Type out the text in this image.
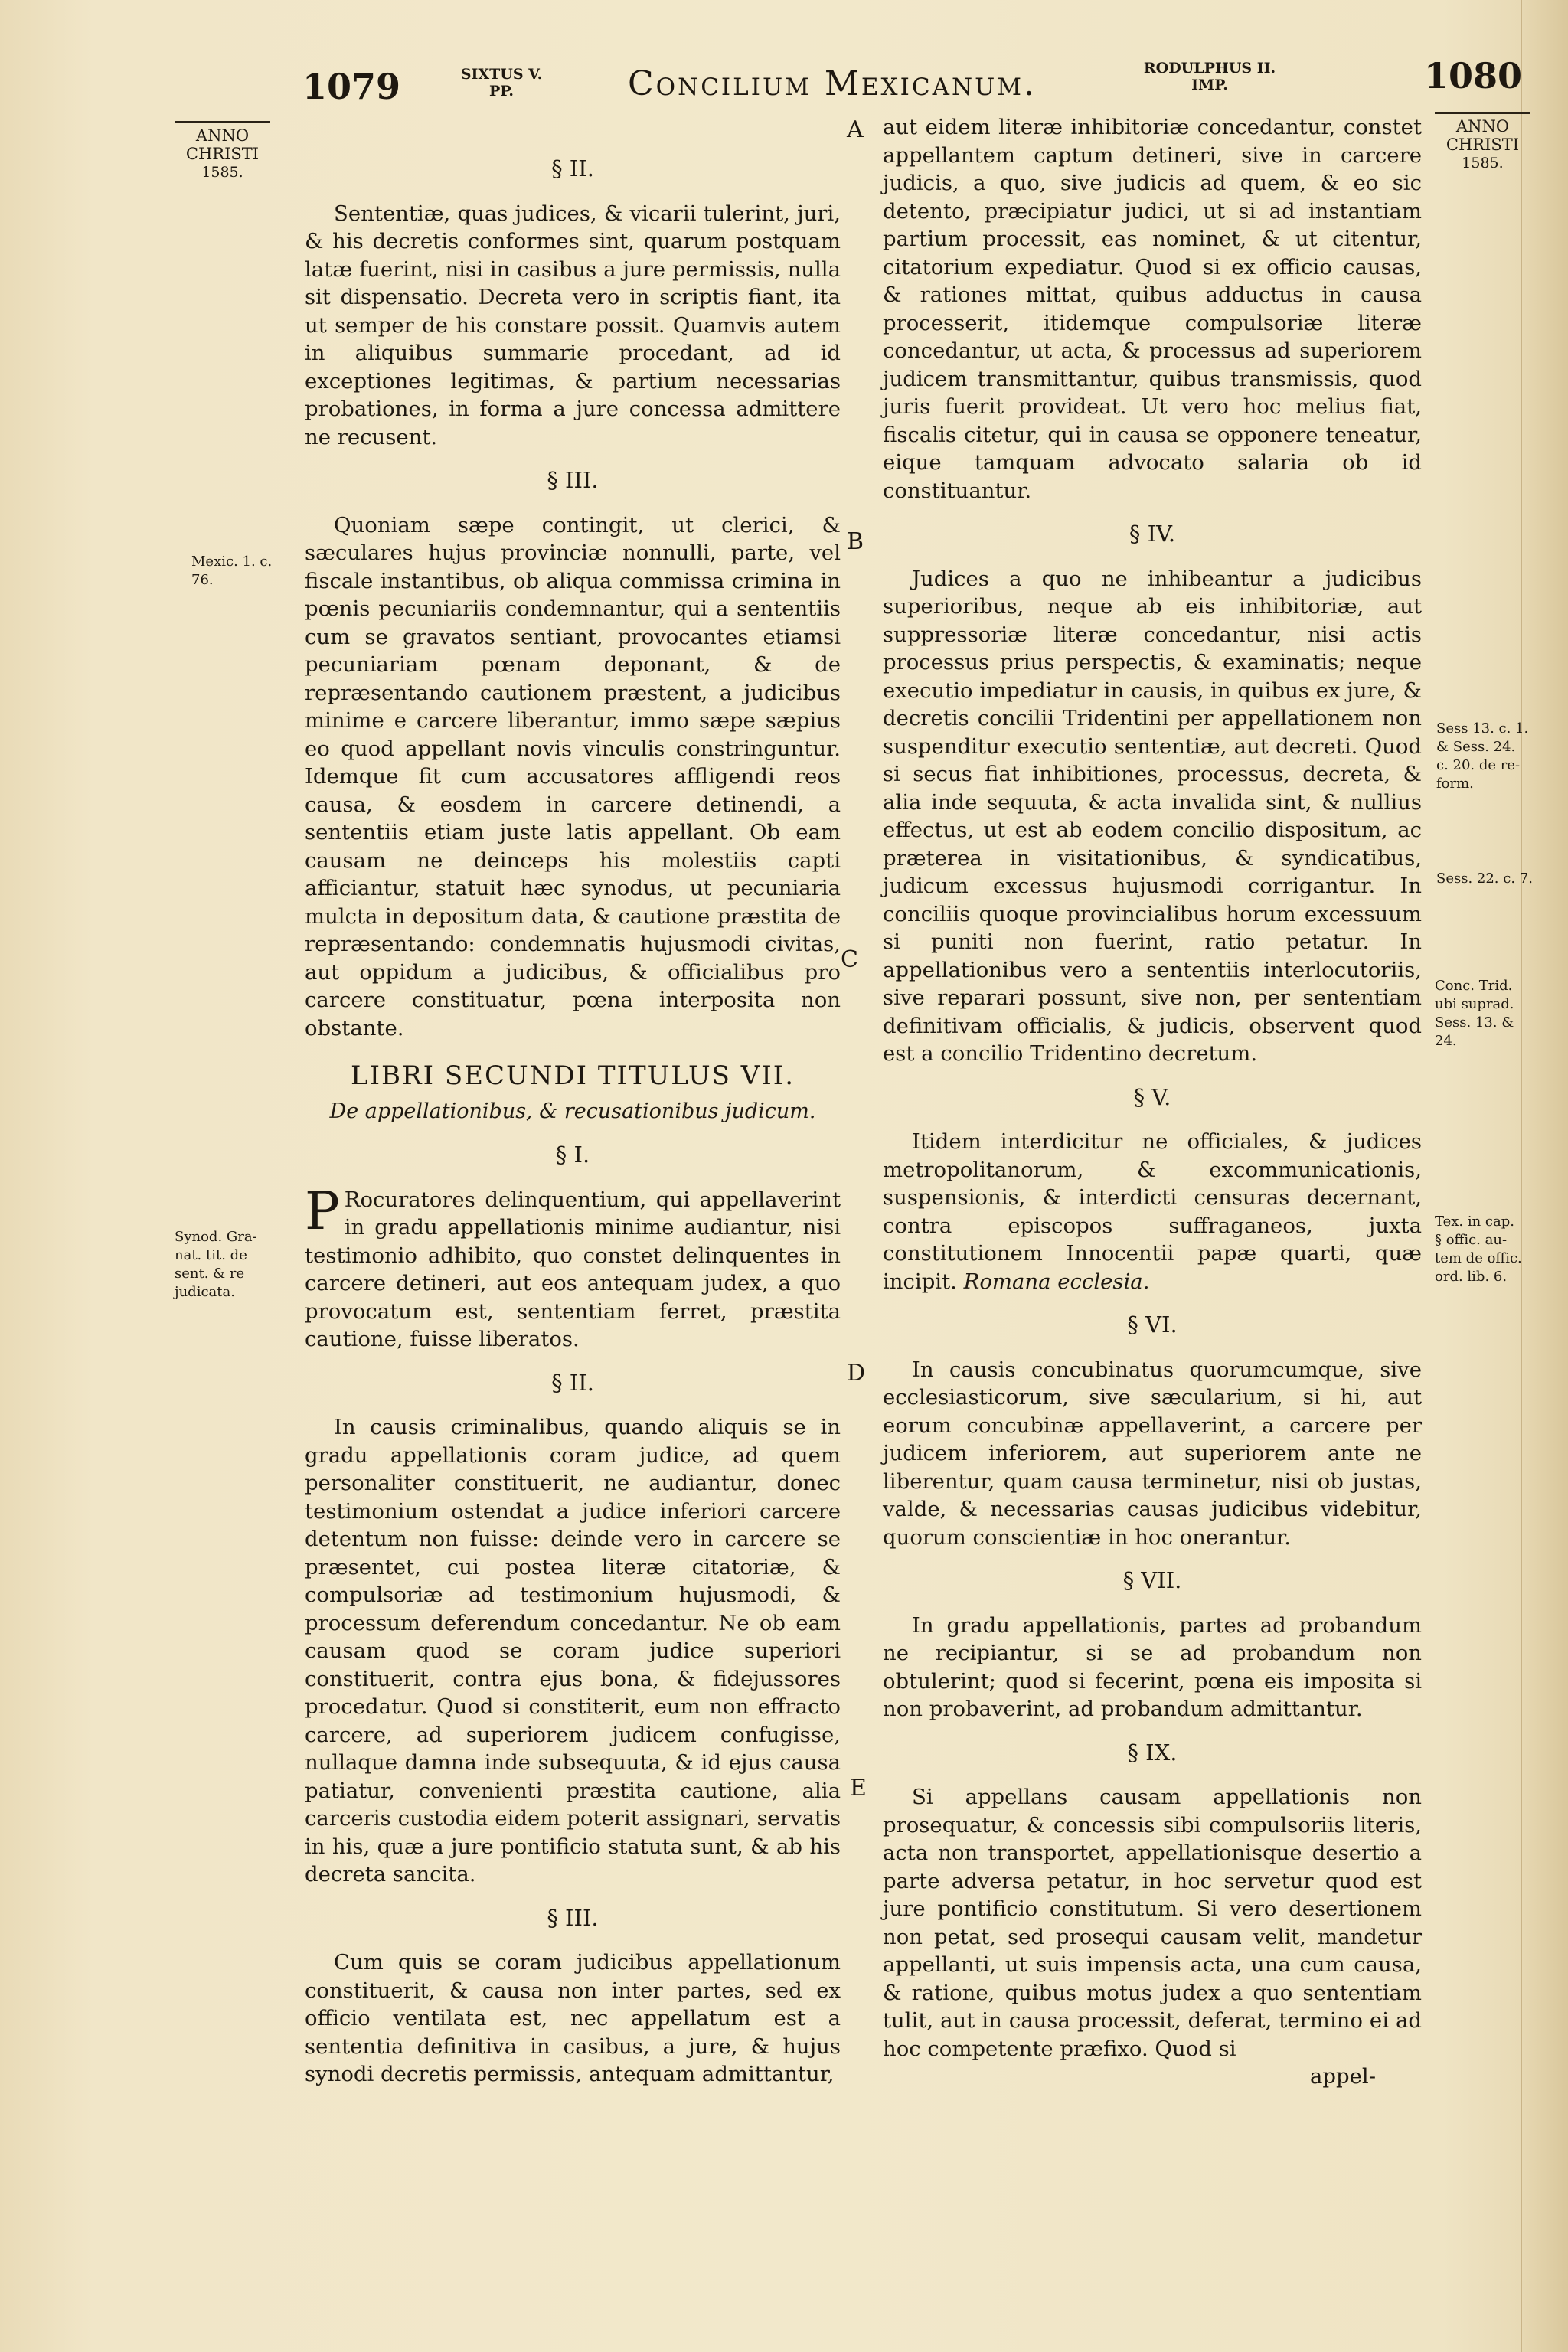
1079	SIXTUS V.
PP.	Concilium Mexicanum.	RODULPHUS II.
IMP.	1080
ANNO
CHRISTI
1585.
ANNO
CHRISTI
1585.
A
B
C
D
E
Mexic. 1. c.
76.
Synod. Gra-
nat. tit. de
sent. & re
judicata.
Sess 13. c. 1.
& Sess. 24.
c. 20. de re-
form.
Sess. 22. c. 7.
Conc. Trid.
ubi suprad.
Sess. 13. &
24.
Tex. in cap.
§ offic. au-
tem de offic.
ord. lib. 6.
§ II.

Sententiæ, quas judices, & vicarii tulerint, juri, & his decretis conformes sint, quarum postquam latæ fuerint, nisi in casibus a jure permissis, nulla sit dispensatio. Decreta vero in scriptis fiant, ita ut semper de his constare possit. Quamvis autem in aliquibus summarie procedant, ad id exceptiones legitimas, & partium necessarias probationes, in forma a jure concessa admittere ne recusent.

§ III.

Quoniam sæpe contingit, ut clerici, & sæculares hujus provinciæ nonnulli, parte, vel fiscale instantibus, ob aliqua commissa crimina in pœnis pecuniariis condemnantur, qui a sententiis cum se gravatos sentiant, provocantes etiamsi pecuniariam pœnam deponant, & de repræsentando cautionem præstent, a judicibus minime e carcere liberantur, immo sæpe sæpius eo quod appellant novis vinculis constringuntur. Idemque fit cum accusatores affligendi reos causa, & eosdem in carcere detinendi, a sententiis etiam juste latis appellant. Ob eam causam ne deinceps his molestiis capti afficiantur, statuit hæc synodus, ut pecuniaria mulcta in depositum data, & cautione præstita de repræsentando: condemnatis hujusmodi civitas, aut oppidum a judicibus, & officialibus pro carcere constituatur, pœna interposita non obstante.

LIBRI SECUNDI TITULUS VII.
De appellationibus, & recusationibus judicum.
§ I.

P Rocuratores delinquentium, qui appellaverint in gradu appellationis minime audiantur, nisi testimonio adhibito, quo constet delinquentes in carcere detineri, aut eos antequam judex, a quo provocatum est, sententiam ferret, præstita cautione, fuisse liberatos.

§ II.

In causis criminalibus, quando aliquis se in gradu appellationis coram judice, ad quem personaliter constituerit, ne audiantur, donec testimonium ostendat a judice inferiori carcere detentum non fuisse: deinde vero in carcere se præsentet, cui postea literæ citatoriæ, & compulsoriæ ad testimonium hujusmodi, & processum deferendum concedantur. Ne ob eam causam quod se coram judice superiori constituerit, contra ejus bona, & fidejussores procedatur. Quod si constiterit, eum non effracto carcere, ad superiorem judicem confugisse, nullaque damna inde subsequuta, & id ejus causa patiatur, convenienti præstita cautione, alia carceris custodia eidem poterit assignari, servatis in his, quæ a jure pontificio statuta sunt, & ab his decreta sancita.

§ III.

Cum quis se coram judicibus appellationum constituerit, & causa non inter partes, sed ex officio ventilata est, nec appellatum est a sententia definitiva in casibus, a jure, & hujus synodi decretis permissis, antequam admittantur,

aut eidem literæ inhibitoriæ concedantur, constet appellantem captum detineri, sive in carcere judicis, a quo, sive judicis ad quem, & eo sic detento, præcipiatur judici, ut si ad instantiam partium processit, eas nominet, & ut citentur, citatorium expediatur. Quod si ex officio causas, & rationes mittat, quibus adductus in causa processerit, itidemque compulsoriæ literæ concedantur, ut acta, & processus ad superiorem judicem transmittantur, quibus transmissis, quod juris fuerit provideat. Ut vero hoc melius fiat, fiscalis citetur, qui in causa se opponere teneatur, eique tamquam advocato salaria ob id constituantur.

§ IV.

Judices a quo ne inhibeantur a judicibus superioribus, neque ab eis inhibitoriæ, aut suppressoriæ literæ concedantur, nisi actis processus prius perspectis, & examinatis; neque executio impediatur in causis, in quibus ex jure, & decretis concilii Tridentini per appellationem non suspenditur executio sententiæ, aut decreti. Quod si secus fiat inhibitiones, processus, decreta, & alia inde sequuta, & acta invalida sint, & nullius effectus, ut est ab eodem concilio dispositum, ac præterea in visitationibus, & syndicatibus, judicum excessus hujusmodi corrigantur. In conciliis quoque provincialibus horum excessuum si puniti non fuerint, ratio petatur. In appellationibus vero a sententiis interlocutoriis, sive reparari possunt, sive non, per sententiam definitivam officialis, & judicis, observent quod est a concilio Tridentino decretum.

§ V.

Itidem interdicitur ne officiales, & judices metropolitanorum, & excommunicationis, suspensionis, & interdicti censuras decernant, contra episcopos suffraganeos, juxta constitutionem Innocentii papæ quarti, quæ incipit. Romana ecclesia.

§ VI.

In causis concubinatus quorumcumque, sive ecclesiasticorum, sive sæcularium, si hi, aut eorum concubinæ appellaverint, a carcere per judicem inferiorem, aut superiorem ante ne liberentur, quam causa terminetur, nisi ob justas, valde, & necessarias causas judicibus videbitur, quorum conscientiæ in hoc onerantur.

§ VII.

In gradu appellationis, partes ad probandum ne recipiantur, si se ad probandum non obtulerint; quod si fecerint, pœna eis imposita si non probaverint, ad probandum admittantur.

§ IX.

Si appellans causam appellationis non prosequatur, & concessis sibi compulsoriis literis, acta non transportet, appellationisque desertio a parte adversa petatur, in hoc servetur quod est jure pontificio constitutum. Si vero desertionem non petat, sed prosequi causam velit, mandetur appellanti, ut suis impensis acta, una cum causa, & ratione, quibus motus judex a quo sententiam tulit, aut in causa processit, deferat, termino ei ad hoc competente præfixo. Quod si

appel-
